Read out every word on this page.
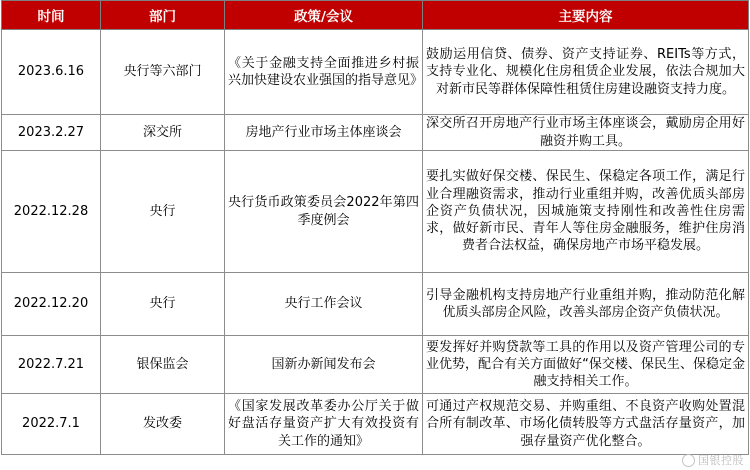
时间	部门	政策/会议	主要内容
2023.6.16	央行等六部门	《关于金融支持全面推进乡村振兴加快建设农业强国的指导意见》	鼓励运用信贷、债券、资产支持证券、REITs等方式，支持专业化、规模化住房租赁企业发展，依法合规加大对新市民等群体保障性租赁住房建设融资支持力度。
2023.2.27	深交所	房地产行业市场主体座谈会	深交所召开房地产行业市场主体座谈会，戴励房企用好融资并购工具。
2022.12.28	央行	央行货币政策委员会2022年第四季度例会	要扎实做好保交楼、保民生、保稳定各项工作，满足行业合理融资需求，推动行业重组并购，改善优质头部房企资产负债状况，因城施策支持刚性和改善性住房需求，做好新市民、青年人等住房金融服务，维护住房消费者合法权益，确保房地产市场平稳发展。
2022.12.20	央行	央行工作会议	引导金融机构支持房地产行业重组并购，推动防范化解优质头部房企风险，改善头部房企资产负债状况。
2022.7.21	银保监会	国新办新闻发布会	要发挥好并购贷款等工具的作用以及资产管理公司的专业优势，配合有关方面做好“保交楼、保民生、保稳定金融支持相关工作。
2022.7.1	发改委	《国家发展改革委办公厅关于做好盘活存量资产扩大有效投资有关工作的通知》	可通过产权规范交易、并购重组、不良资产收购处置混合所有制改革、市场化债转股等方式盘活存量资产，加强存量资产优化整合。
国银控股
